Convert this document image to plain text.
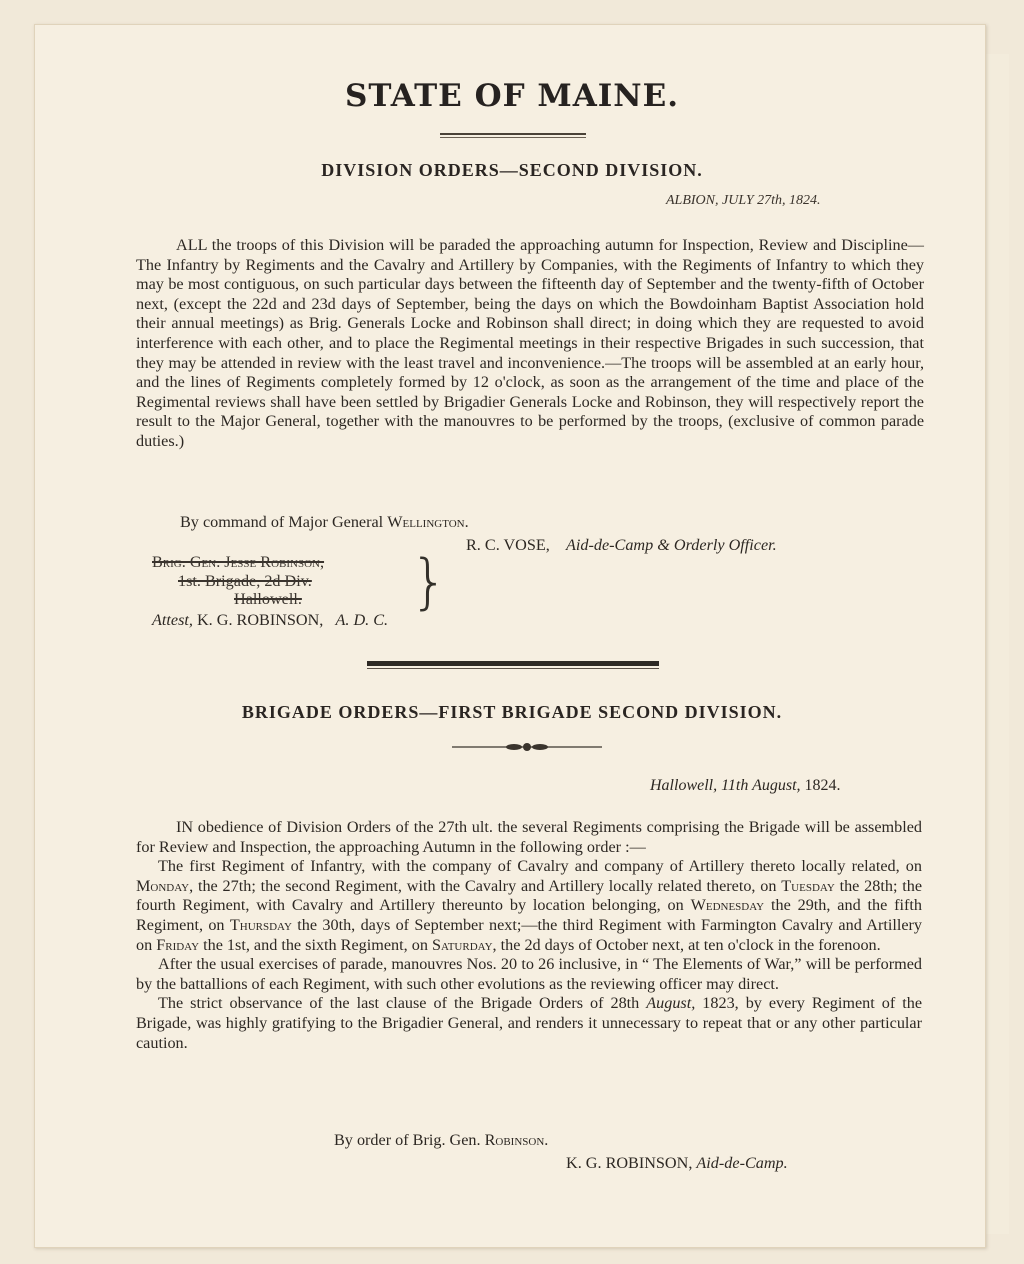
STATE OF MAINE.
DIVISION ORDERS—SECOND DIVISION.
ALBION, JULY 27th, 1824.

ALL the troops of this Division will be paraded the approaching autumn for Inspection, Review and Discipline—The Infantry by Regiments and the Cavalry and Artillery by Companies, with the Regiments of Infantry to which they may be most contiguous, on such particular days between the fifteenth day of September and the twenty-fifth of October next, (except the 22d and 23d days of September, being the days on which the Bowdoinham Baptist Association hold their annual meetings) as Brig. Generals Locke and Robinson shall direct; in doing which they are requested to avoid interference with each other, and to place the Regimental meetings in their respective Brigades in such succession, that they may be attended in review with the least travel and inconvenience.—The troops will be assembled at an early hour, and the lines of Regiments completely formed by 12 o'clock, as soon as the arrangement of the time and place of the Regimental reviews shall have been settled by Brigadier Generals Locke and Robinson, they will respectively report the result to the Major General, together with the manouvres to be performed by the troops, (exclusive of common parade duties.)

By command of Major General Wellington.
R. C. VOSE, Aid-de-Camp & Orderly Officer.
Brig. Gen. Jesse Robinson,
1st. Brigade, 2d Div.
Hallowell. }
Attest, K. G. ROBINSON, A. D. C.
BRIGADE ORDERS—FIRST BRIGADE SECOND DIVISION.
Hallowell, 11th August, 1824.

IN obedience of Division Orders of the 27th ult. the several Regiments comprising the Brigade will be assembled for Review and Inspection, the approaching Autumn in the following order :—

The first Regiment of Infantry, with the company of Cavalry and company of Artillery thereto locally related, on Monday, the 27th; the second Regiment, with the Cavalry and Artillery locally related thereto, on Tuesday the 28th; the fourth Regiment, with Cavalry and Artillery thereunto by location belonging, on Wednesday the 29th, and the fifth Regiment, on Thursday the 30th, days of September next;—the third Regiment with Farmington Cavalry and Artillery on Friday the 1st, and the sixth Regiment, on Saturday, the 2d days of October next, at ten o'clock in the forenoon.

After the usual exercises of parade, manouvres Nos. 20 to 26 inclusive, in “ The Elements of War,” will be performed by the battallions of each Regiment, with such other evolutions as the reviewing officer may direct.

The strict observance of the last clause of the Brigade Orders of 28th August, 1823, by every Regiment of the Brigade, was highly gratifying to the Brigadier General, and renders it unnecessary to repeat that or any other particular caution.

By order of Brig. Gen. Robinson.
K. G. ROBINSON, Aid-de-Camp.
